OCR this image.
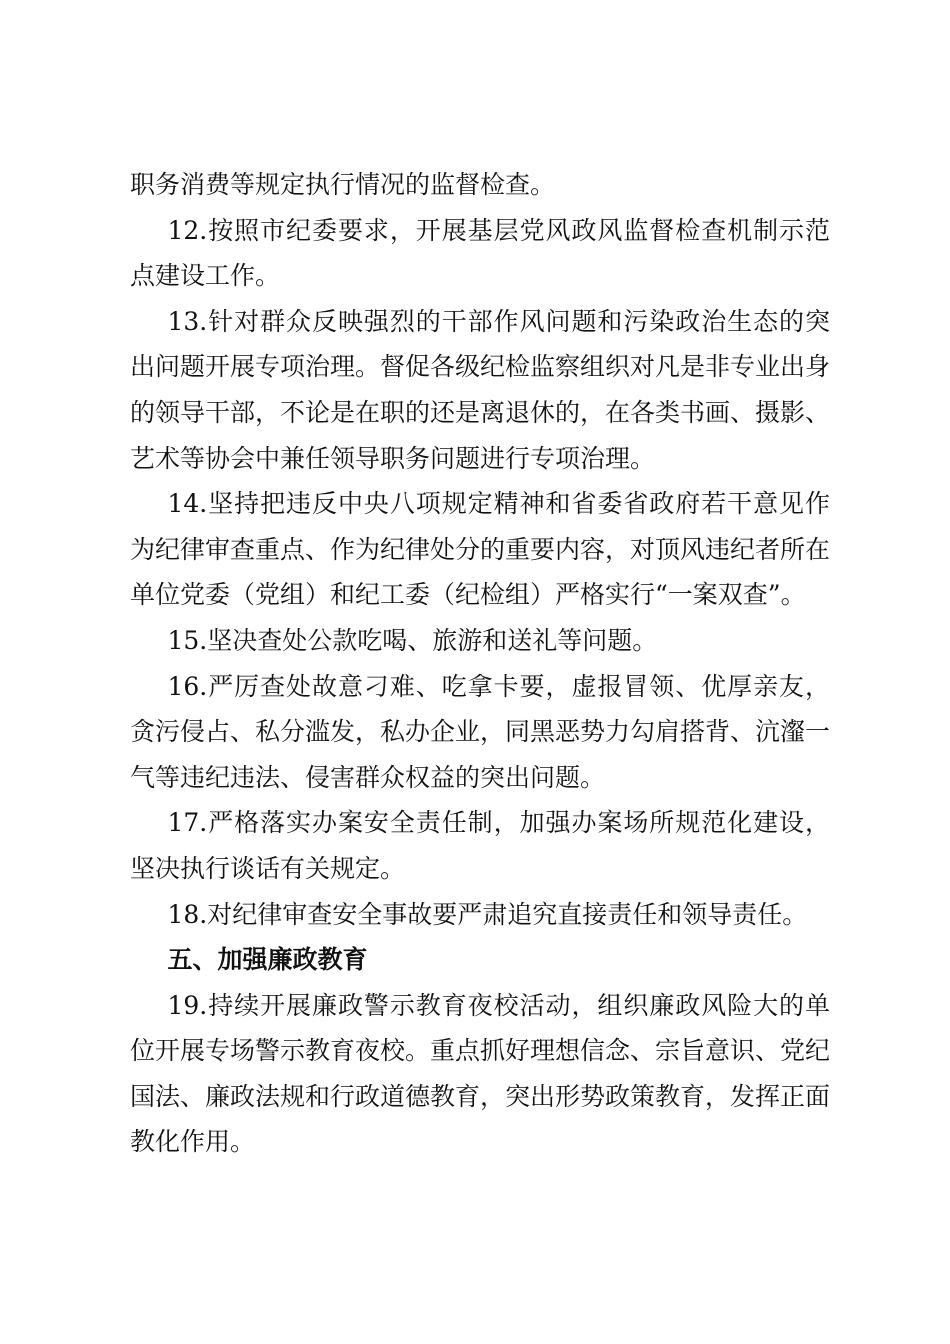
职务消费等规定执行情况的监督检查。

12.按照市纪委要求，开展基层党风政风监督检查机制示范点建设工作。

13.针对群众反映强烈的干部作风问题和污染政治生态的突出问题开展专项治理。督促各级纪检监察组织对凡是非专业出身的领导干部，不论是在职的还是离退休的，在各类书画、摄影、艺术等协会中兼任领导职务问题进行专项治理。

14.坚持把违反中央八项规定精神和省委省政府若干意见作为纪律审查重点、作为纪律处分的重要内容，对顶风违纪者所在单位党委（党组）和纪工委（纪检组）严格实行“一案双查”。

15.坚决查处公款吃喝、旅游和送礼等问题。

16.严厉查处故意刁难、吃拿卡要，虚报冒领、优厚亲友，贪污侵占、私分滥发，私办企业，同黑恶势力勾肩搭背、沆瀣一气等违纪违法、侵害群众权益的突出问题。

17.严格落实办案安全责任制，加强办案场所规范化建设，坚决执行谈话有关规定。

18.对纪律审查安全事故要严肃追究直接责任和领导责任。

五、加强廉政教育

19.持续开展廉政警示教育夜校活动，组织廉政风险大的单位开展专场警示教育夜校。重点抓好理想信念、宗旨意识、党纪国法、廉政法规和行政道德教育，突出形势政策教育，发挥正面教化作用。
